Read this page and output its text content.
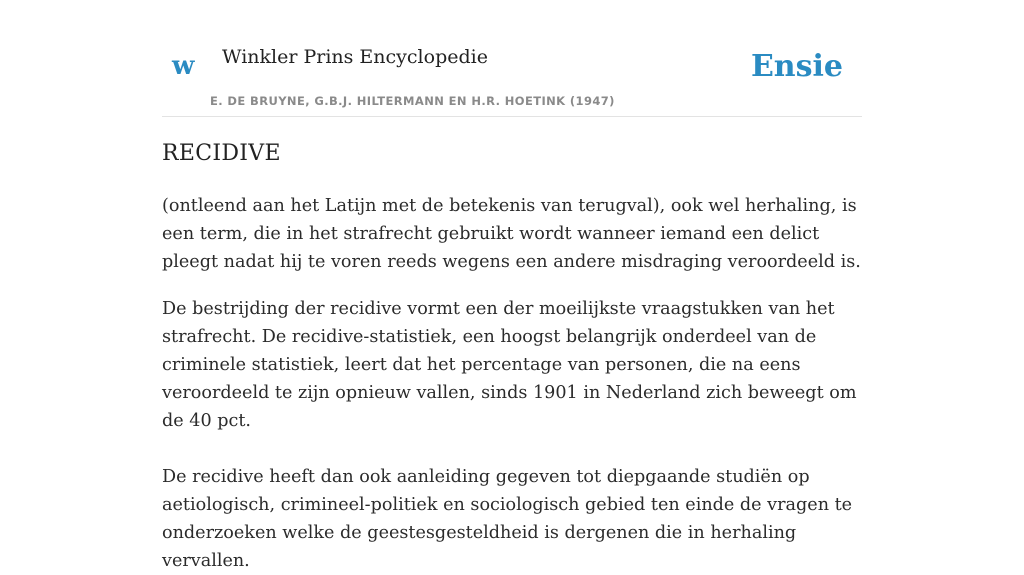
w Winkler Prins Encyclopedie
E. DE BRUYNE, G.B.J. HILTERMANN EN H.R. HOETINK (1947)
Ensie
RECIDIVE

(ontleend aan het Latijn met de betekenis van terugval), ook wel herhaling, is een term, die in het strafrecht gebruikt wordt wanneer iemand een delict pleegt nadat hij te voren reeds wegens een andere misdraging veroordeeld is.

De bestrijding der recidive vormt een der moeilijkste vraagstukken van het strafrecht. De recidive-statistiek, een hoogst belangrijk onderdeel van de criminele statistiek, leert dat het percentage van personen, die na eens veroordeeld te zijn opnieuw vallen, sinds 1901 in Nederland zich beweegt om de 40 pct.

De recidive heeft dan ook aanleiding gegeven tot diepgaande studiën op aetiologisch, crimineel-politiek en sociologisch gebied ten einde de vragen te onderzoeken welke de geestesgesteldheid is dergenen die in herhaling vervallen.
